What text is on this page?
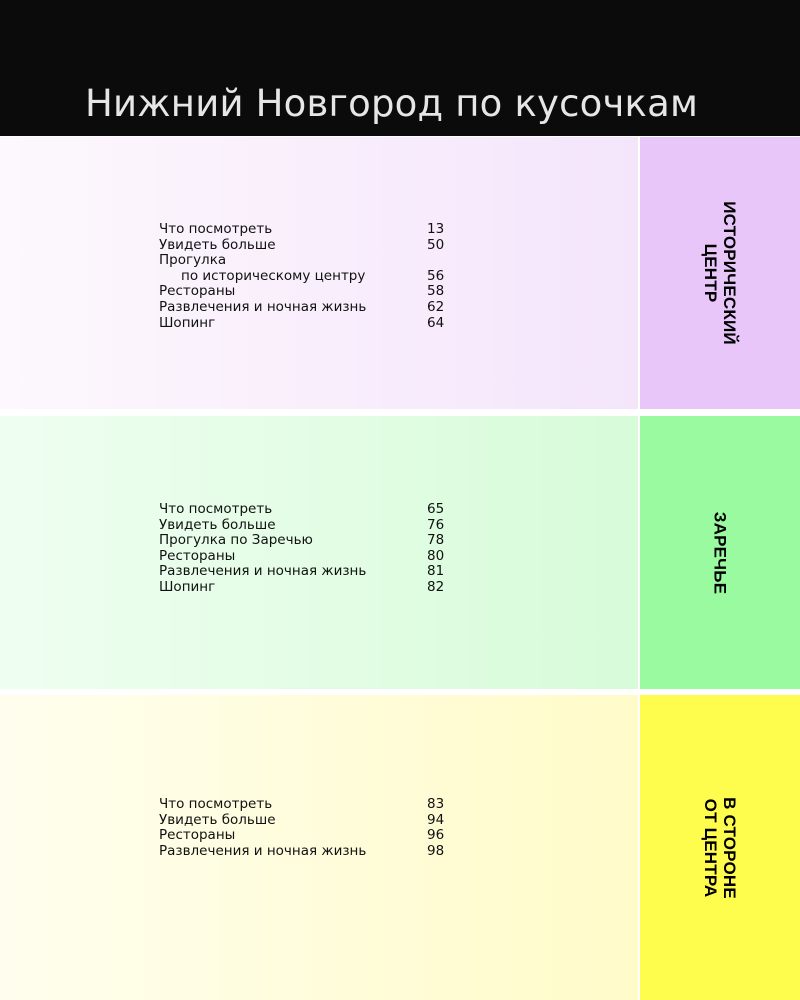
Нижний Новгород по кусочкам
ИСТОРИЧЕСКИЙ
ЦЕНТР
Что посмотреть	13
Увидеть больше	50
Прогулка
по историческому центру	56
Рестораны	58
Развлечения и ночная жизнь	62
Шопинг	64
ЗАРЕЧЬЕ
Что посмотреть	65
Увидеть больше	76
Прогулка по Заречью	78
Рестораны	80
Развлечения и ночная жизнь	81
Шопинг	82
В СТОРОНЕ
ОТ ЦЕНТРА
Что посмотреть	83
Увидеть больше	94
Рестораны	96
Развлечения и ночная жизнь	98
